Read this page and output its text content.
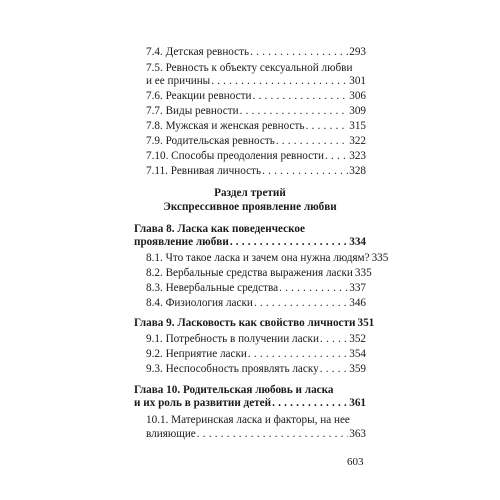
7.4. Детская ревность . . .	293
7.5. Ревность к объекту сексуальной любви
и ее причины . . .	301
7.6. Реакции ревности . . .	306
7.7. Виды ревности . . .	309
7.8. Мужская и женская ревность . . .	315
7.9. Родительская ревность . . .	322
7.10. Способы преодоления ревности . . . 323
7.11. Ревнивая личность . . .	328
Раздел третий
Экспрессивное проявление любви
Глава 8. Ласка как поведенческое
проявление любви . . .	334
8.1. Что такое ласка и зачем она нужна людям? 335
8.2. Вербальные средства выражения ласки 335
8.3. Невербальные средства . . .	337
8.4. Физиология ласки . . .	346
Глава 9. Ласковость как свойство личности 351
9.1. Потребность в получении ласки . . .	352
9.2. Неприятие ласки . . .	354
9.3. Неспособность проявлять ласку . . .	359
Глава 10. Родительская любовь и ласка
и их роль в развитии детей . . .	361
10.1. Материнская ласка и факторы, на нее
влияющие . . .	363
603
